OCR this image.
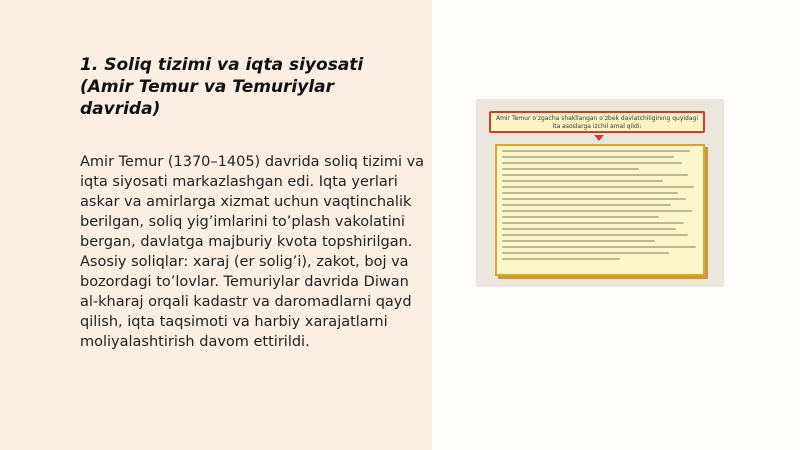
1. Soliq tizimi va iqta siyosati (Amir Temur va Temuriylar davrida)
Amir Temur (1370–1405) davrida soliq tizimi va iqta siyosati markazlashgan edi. Iqta yerlari askar va amirlarga xizmat uchun vaqtinchalik berilgan, soliq yig’imlarini to’plash vakolatini bergan, davlatga majburiy kvota topshirilgan. Asosiy soliqlar: xaraj (er solig’i), zakot, boj va bozordagi to’lovlar. Temuriylar davrida Diwan al-kharaj orqali kadastr va daromadlarni qayd qilish, iqta taqsimoti va harbiy xarajatlarni moliyalashtirish davom ettirildi.
Amir Temur o’zgacha shakllangan o’zbek davlatchiligining quyidagi ita asoslarga izchil amal qildi:
